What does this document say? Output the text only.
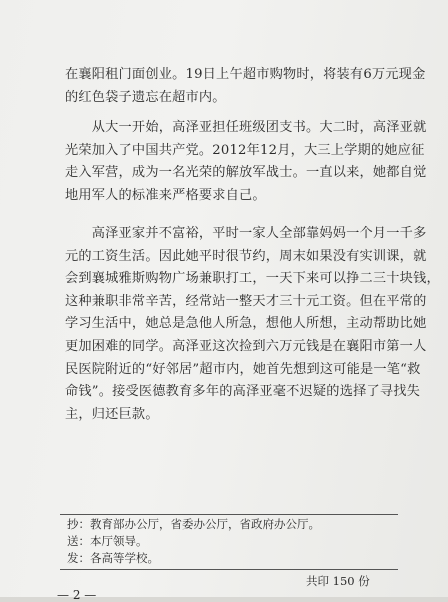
在襄阳租门面创业。19日上午超市购物时，将装有6万元现金

的红色袋子遗忘在超市内。

　　从大一开始，高泽亚担任班级团支书。大二时，高泽亚就

光荣加入了中国共产党。2012年12月，大三上学期的她应征

走入军营，成为一名光荣的解放军战士。一直以来，她都自觉

地用军人的标准来严格要求自己。

　　高泽亚家并不富裕，平时一家人全部靠妈妈一个月一千多

元的工资生活。因此她平时很节约，周末如果没有实训课，就

会到襄城雅斯购物广场兼职打工，一天下来可以挣二三十块钱，

这种兼职非常辛苦，经常站一整天才三十元工资。但在平常的

学习生活中，她总是急他人所急，想他人所想，主动帮助比她

更加困难的同学。高泽亚这次捡到六万元钱是在襄阳市第一人

民医院附近的“好邻居”超市内，她首先想到这可能是一笔“救

命钱”。接受医德教育多年的高泽亚毫不迟疑的选择了寻找失

主，归还巨款。

抄：教育部办公厅，省委办公厅，省政府办公厅。

送：本厅领导。

发：各高等学校。

共印 150 份
— 2 —
